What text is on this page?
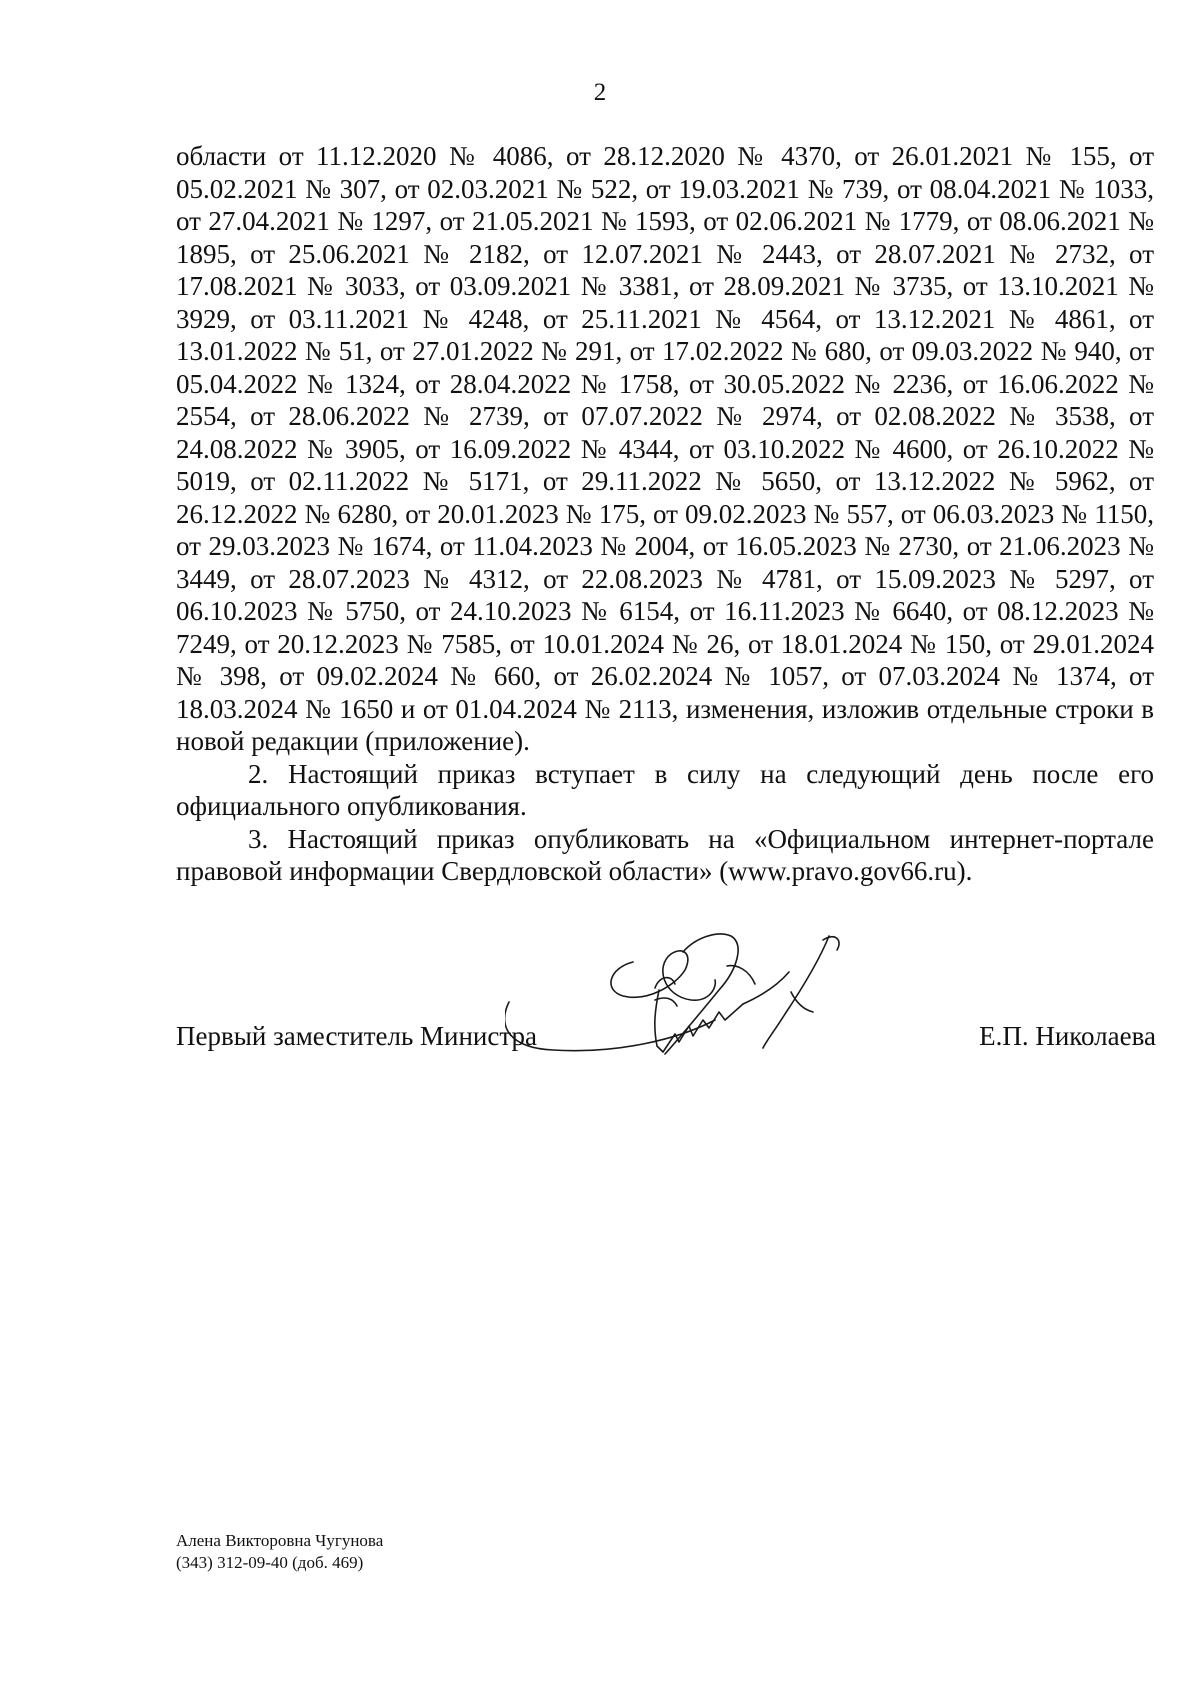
2

области от 11.12.2020 № 4086, от 28.12.2020 № 4370, от 26.01.2021 № 155, от 05.02.2021 № 307, от 02.03.2021 № 522, от 19.03.2021 № 739, от 08.04.2021 № 1033, от 27.04.2021 № 1297, от 21.05.2021 № 1593, от 02.06.2021 № 1779, от 08.06.2021 № 1895, от 25.06.2021 № 2182, от 12.07.2021 № 2443, от 28.07.2021 № 2732, от 17.08.2021 № 3033, от 03.09.2021 № 3381, от 28.09.2021 № 3735, от 13.10.2021 № 3929, от 03.11.2021 № 4248, от 25.11.2021 № 4564, от 13.12.2021 № 4861, от 13.01.2022 № 51, от 27.01.2022 № 291, от 17.02.2022 № 680, от 09.03.2022 № 940, от 05.04.2022 № 1324, от 28.04.2022 № 1758, от 30.05.2022 № 2236, от 16.06.2022 № 2554, от 28.06.2022 № 2739, от 07.07.2022 № 2974, от 02.08.2022 № 3538, от 24.08.2022 № 3905, от 16.09.2022 № 4344, от 03.10.2022 № 4600, от 26.10.2022 № 5019, от 02.11.2022 № 5171, от 29.11.2022 № 5650, от 13.12.2022 № 5962, от 26.12.2022 № 6280, от 20.01.2023 № 175, от 09.02.2023 № 557, от 06.03.2023 № 1150, от 29.03.2023 № 1674, от 11.04.2023 № 2004, от 16.05.2023 № 2730, от 21.06.2023 № 3449, от 28.07.2023 № 4312, от 22.08.2023 № 4781, от 15.09.2023 № 5297, от 06.10.2023 № 5750, от 24.10.2023 № 6154, от 16.11.2023 № 6640, от 08.12.2023 № 7249, от 20.12.2023 № 7585, от 10.01.2024 № 26, от 18.01.2024 № 150, от 29.01.2024 № 398, от 09.02.2024 № 660, от 26.02.2024 № 1057, от 07.03.2024 № 1374, от 18.03.2024 № 1650 и от 01.04.2024 № 2113, изменения, изложив отдельные строки в новой редакции (приложение).

2. Настоящий приказ вступает в силу на следующий день после его официального опубликования.

3. Настоящий приказ опубликовать на «Официальном интернет-портале правовой информации Свердловской области» (www.pravo.gov66.ru).

Первый заместитель Министра	Е.П. Николаева
Алена Викторовна Чугунова
(343) 312-09-40 (доб. 469)
